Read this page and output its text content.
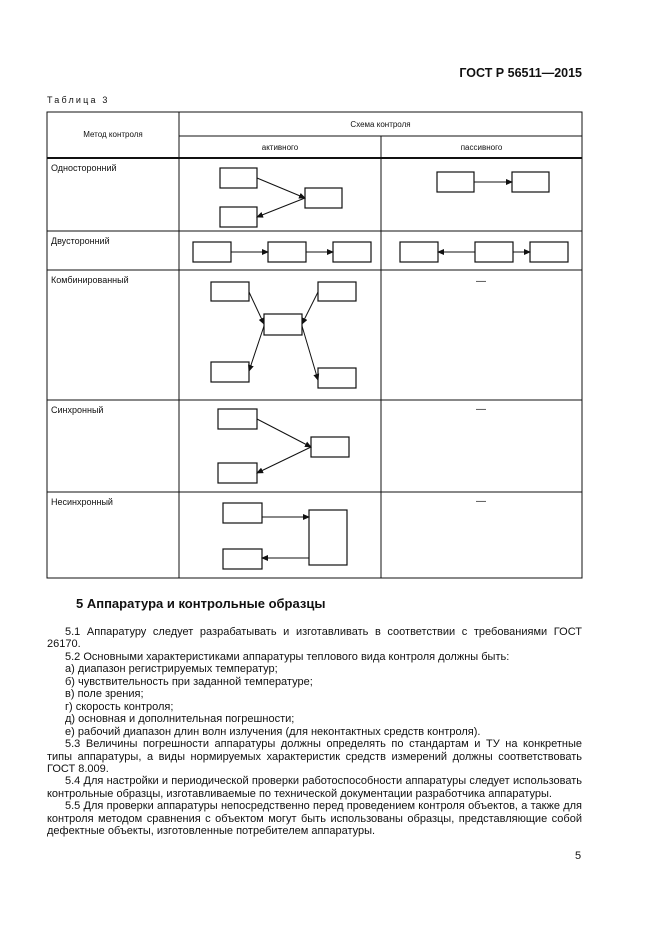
ГОСТ Р 56511—2015
Таблица 3
Метод контроля
Схема контроля
активного	пассивного
Односторонний
Двусторонний
Комбинированный
Синхронный
Несинхронный
—
—
—
5 Аппаратура и контрольные образцы

5.1 Аппаратуру следует разрабатывать и изготавливать в соответствии с требованиями ГОСТ 26170.

5.2 Основными характеристиками аппаратуры теплового вида контроля должны быть:

а) диапазон регистрируемых температур;

б) чувствительность при заданной температуре;

в) поле зрения;

г) скорость контроля;

д) основная и дополнительная погрешности;

е) рабочий диапазон длин волн излучения (для неконтактных средств контроля).

5.3 Величины погрешности аппаратуры должны определять по стандартам и ТУ на конкретные типы аппаратуры, а виды нормируемых характеристик средств измерений должны соответствовать ГОСТ 8.009.

5.4 Для настройки и периодической проверки работоспособности аппаратуры следует использовать контрольные образцы, изготавливаемые по технической документации разработчика аппаратуры.

5.5 Для проверки аппаратуры непосредственно перед проведением контроля объектов, а также для контроля методом сравнения с объектом могут быть использованы образцы, представляющие собой дефектные объекты, изготовленные потребителем аппаратуры.

5
